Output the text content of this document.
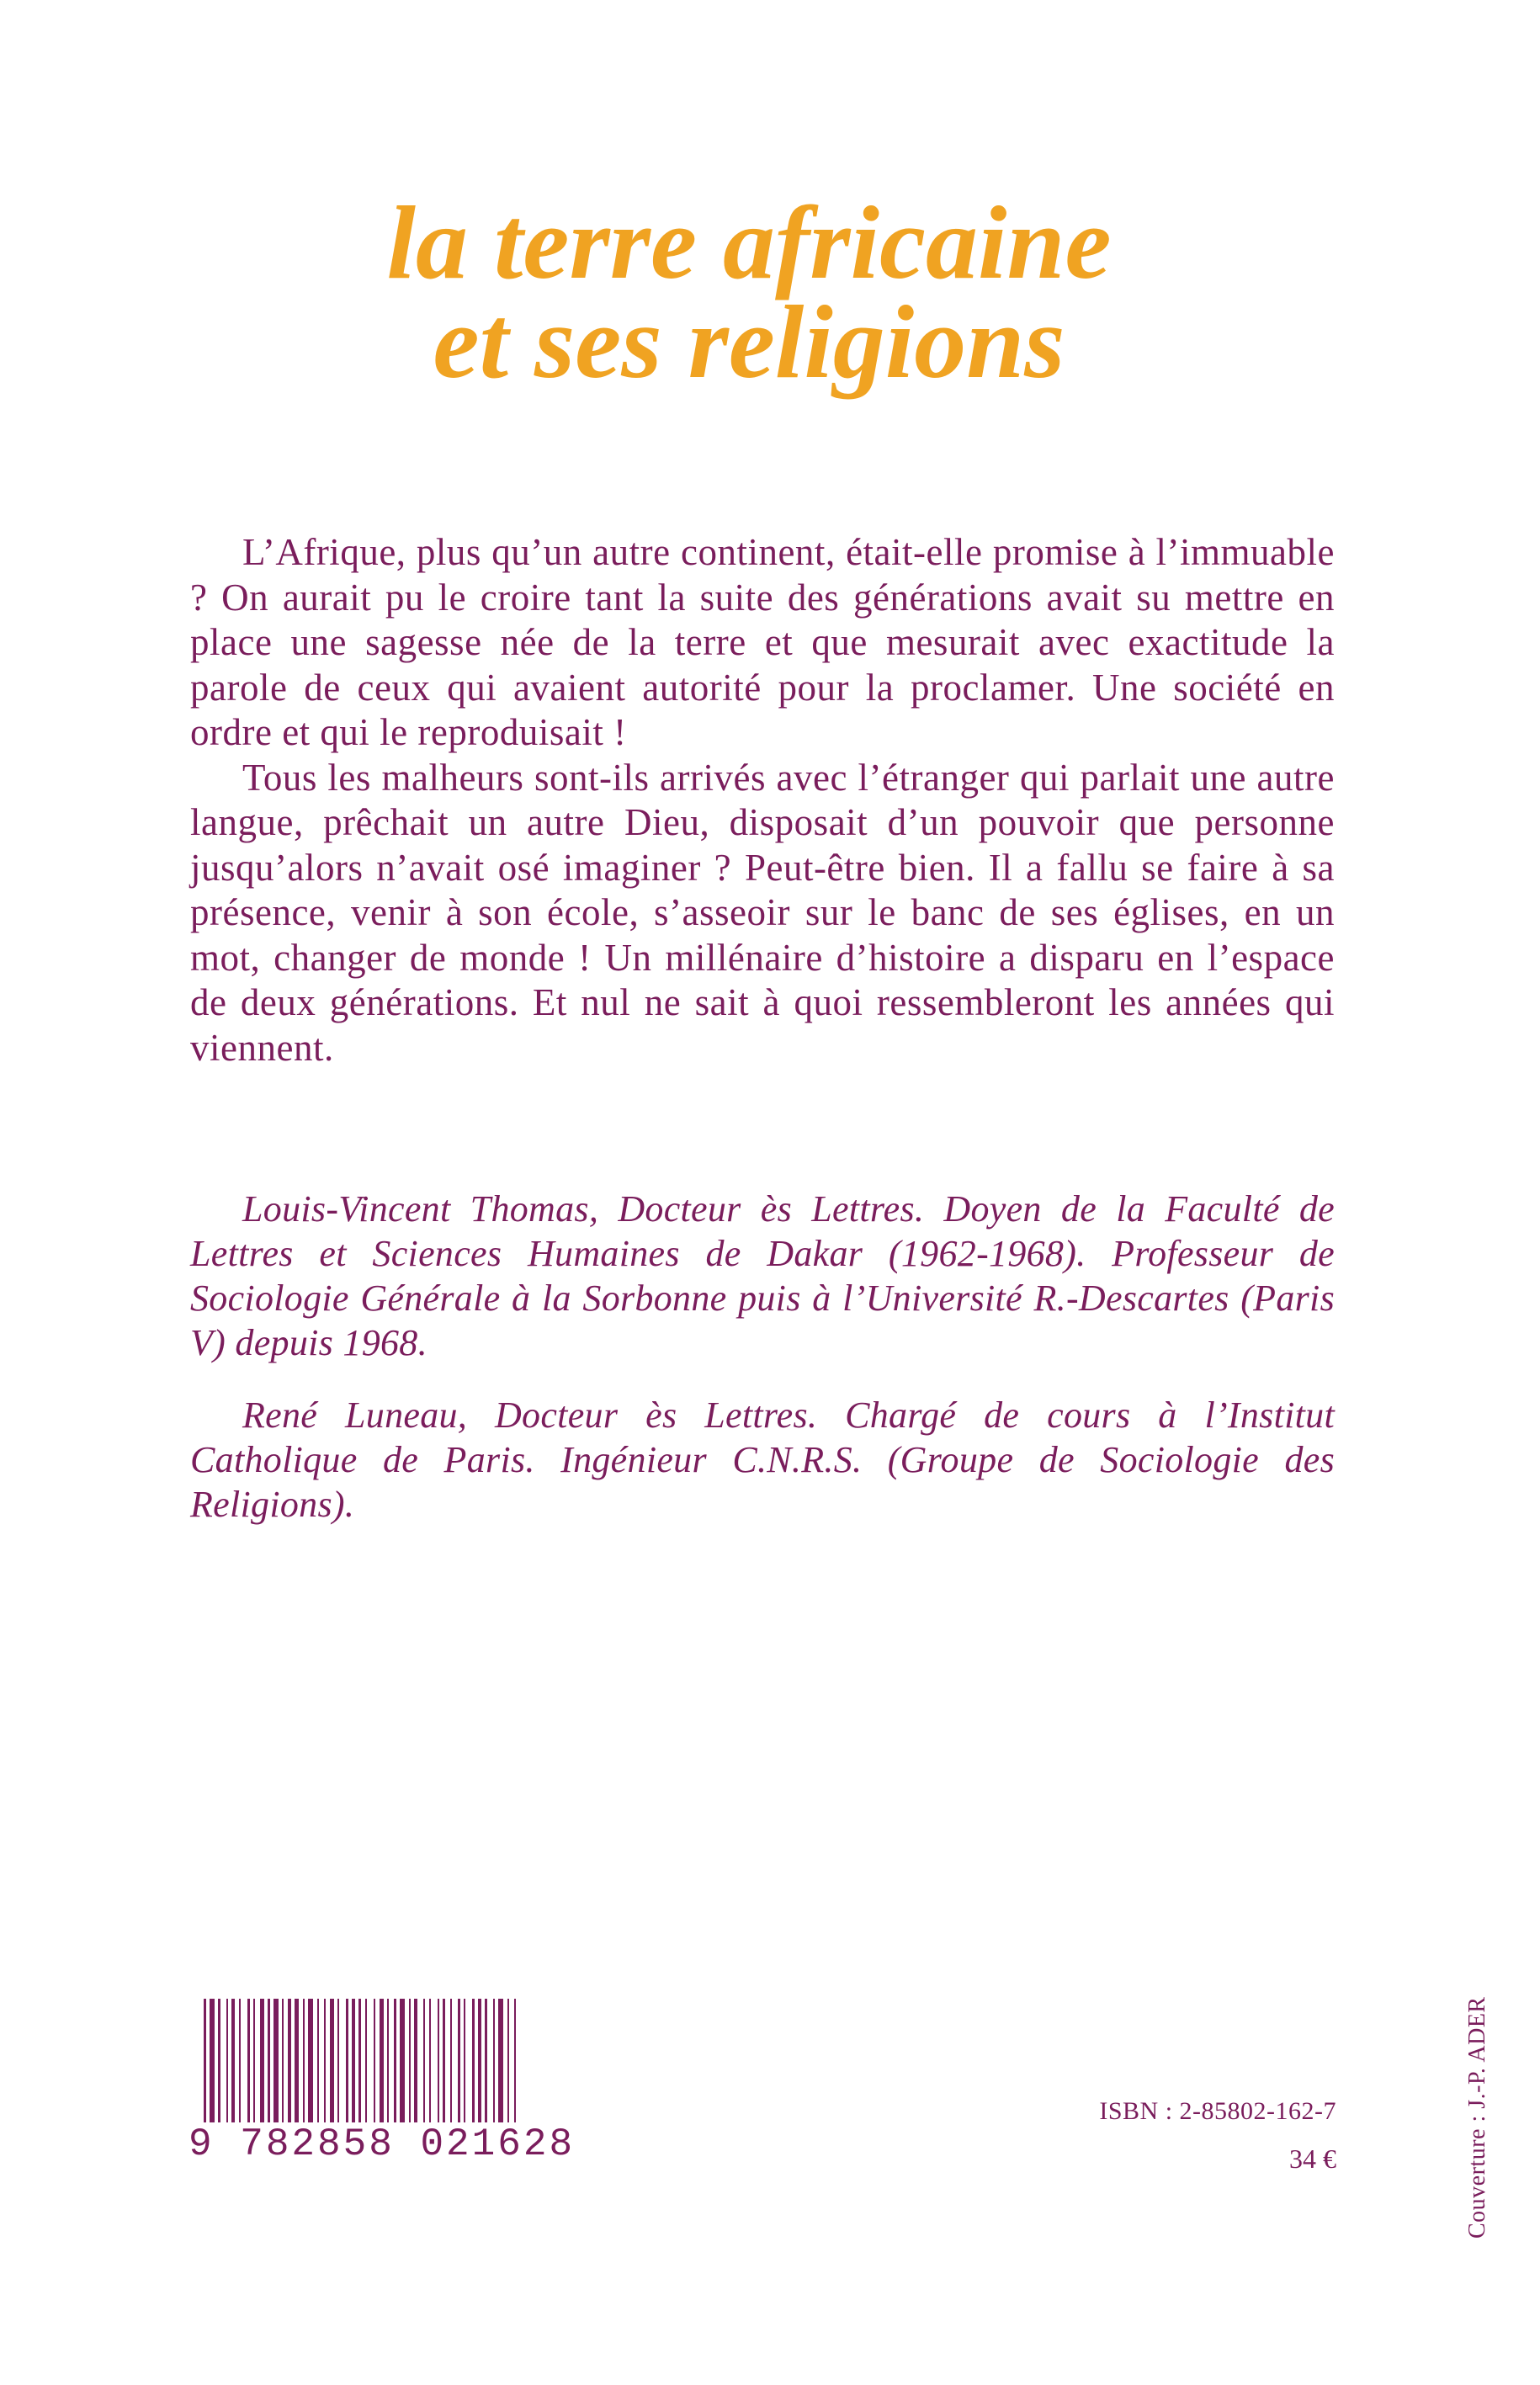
la terre africaine
et ses religions

L’Afrique, plus qu’un autre continent, était-elle promise à l’immuable ? On aurait pu le croire tant la suite des générations avait su mettre en place une sagesse née de la terre et que mesurait avec exactitude la parole de ceux qui avaient autorité pour la proclamer. Une société en ordre et qui le reproduisait !

Tous les malheurs sont-ils arrivés avec l’étranger qui parlait une autre langue, prêchait un autre Dieu, disposait d’un pouvoir que personne jusqu’alors n’avait osé imaginer ? Peut-être bien. Il a fallu se faire à sa présence, venir à son école, s’asseoir sur le banc de ses églises, en un mot, changer de monde ! Un millénaire d’histoire a disparu en l’espace de deux générations. Et nul ne sait à quoi ressembleront les années qui viennent.

Louis-Vincent Thomas, Docteur ès Lettres. Doyen de la Faculté de Lettres et Sciences Humaines de Dakar (1962-1968). Professeur de Sociologie Générale à la Sorbonne puis à l’Université R.-Descartes (Paris V) depuis 1968.

René Luneau, Docteur ès Lettres. Chargé de cours à l’Institut Catholique de Paris. Ingénieur C.N.R.S. (Groupe de Sociologie des Religions).

9 782858 021628
ISBN : 2-85802-162-7
34 €	Couverture : J.-P. ADER
